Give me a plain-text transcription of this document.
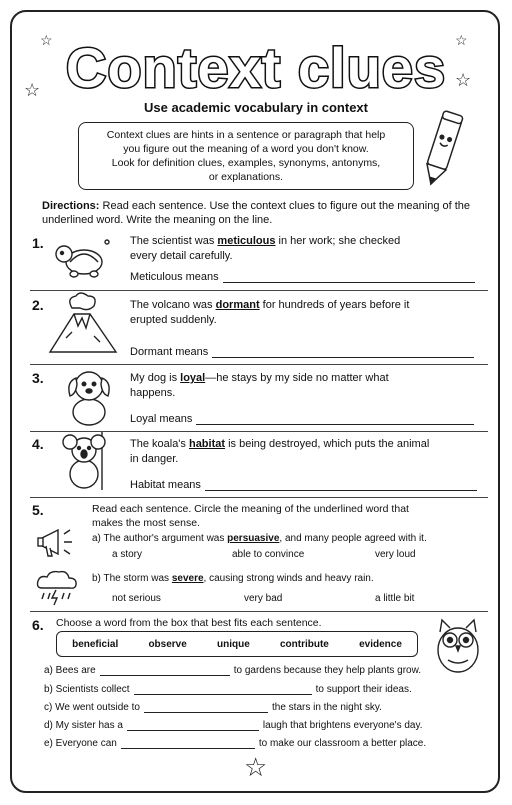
☆
☆
☆
☆
☆
Context clues
Use academic vocabulary in context
Context clues are hints in a sentence or paragraph that help
you figure out the meaning of a word you don't know.
Look for definition clues, examples, synonyms, antonyms,
or explanations.
Directions: Read each sentence. Use the context clues to figure out the meaning of the underlined word. Write the meaning on the line.
1.	The scientist was meticulous in her work; she checked every detail carefully.
Meticulous means
2.	The volcano was dormant for hundreds of years before it erupted suddenly.
Dormant means
3.	My dog is loyal—he stays by my side no matter what happens.
Loyal means
4.	The koala's habitat is being destroyed, which puts the animal in danger.
Habitat means
5.	Read each sentence. Circle the meaning of the underlined word that makes the most sense.
a) The author's argument was persuasive, and many people agreed with it.
a story	able to convince	very loud
b) The storm was severe, causing strong winds and heavy rain.
not serious	very bad	a little bit
6. Choose a word from the box that best fits each sentence.
beneficial	observe	unique	contribute	evidence
a) Bees are	to gardens because they help plants grow.
b) Scientists collect	to support their ideas.
c) We went outside to	the stars in the night sky.
d) My sister has a	laugh that brightens everyone's day.
e) Everyone can	to make our classroom a better place.
